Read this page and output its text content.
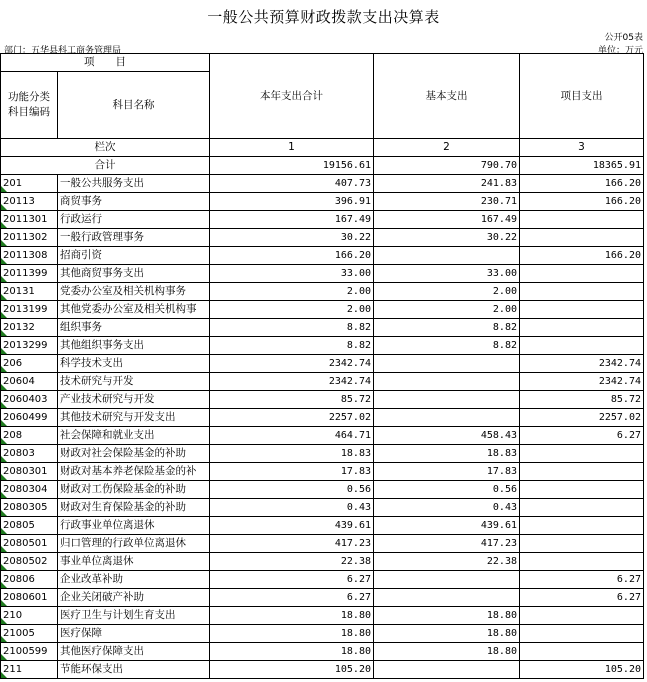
一般公共预算财政拨款支出决算表
公开05表
部门：五华县科工商务管理局	单位：万元
项　　目		本年支出合计	基本支出	项目支出
功能分类
科目编码	科目名称			
栏次		1	2	3
合计		19156.61	790.70	18365.91
201	一般公共服务支出	407.73	241.83	166.20
20113	商贸事务	396.91	230.71	166.20
2011301	行政运行	167.49	167.49	
2011302	一般行政管理事务	30.22	30.22	
2011308	招商引资	166.20		166.20
2011399	其他商贸事务支出	33.00	33.00	
20131	党委办公室及相关机构事务	2.00	2.00	
2013199	其他党委办公室及相关机构事	2.00	2.00	
20132	组织事务	8.82	8.82	
2013299	其他组织事务支出	8.82	8.82	
206	科学技术支出	2342.74		2342.74
20604	技术研究与开发	2342.74		2342.74
2060403	产业技术研究与开发	85.72		85.72
2060499	其他技术研究与开发支出	2257.02		2257.02
208	社会保障和就业支出	464.71	458.43	6.27
20803	财政对社会保险基金的补助	18.83	18.83	
2080301	财政对基本养老保险基金的补	17.83	17.83	
2080304	财政对工伤保险基金的补助	0.56	0.56	
2080305	财政对生育保险基金的补助	0.43	0.43	
20805	行政事业单位离退休	439.61	439.61	
2080501	归口管理的行政单位离退休	417.23	417.23	
2080502	事业单位离退休	22.38	22.38	
20806	企业改革补助	6.27		6.27
2080601	企业关闭破产补助	6.27		6.27
210	医疗卫生与计划生育支出	18.80	18.80	
21005	医疗保障	18.80	18.80	
2100599	其他医疗保障支出	18.80	18.80	
211	节能环保支出	105.20		105.20
